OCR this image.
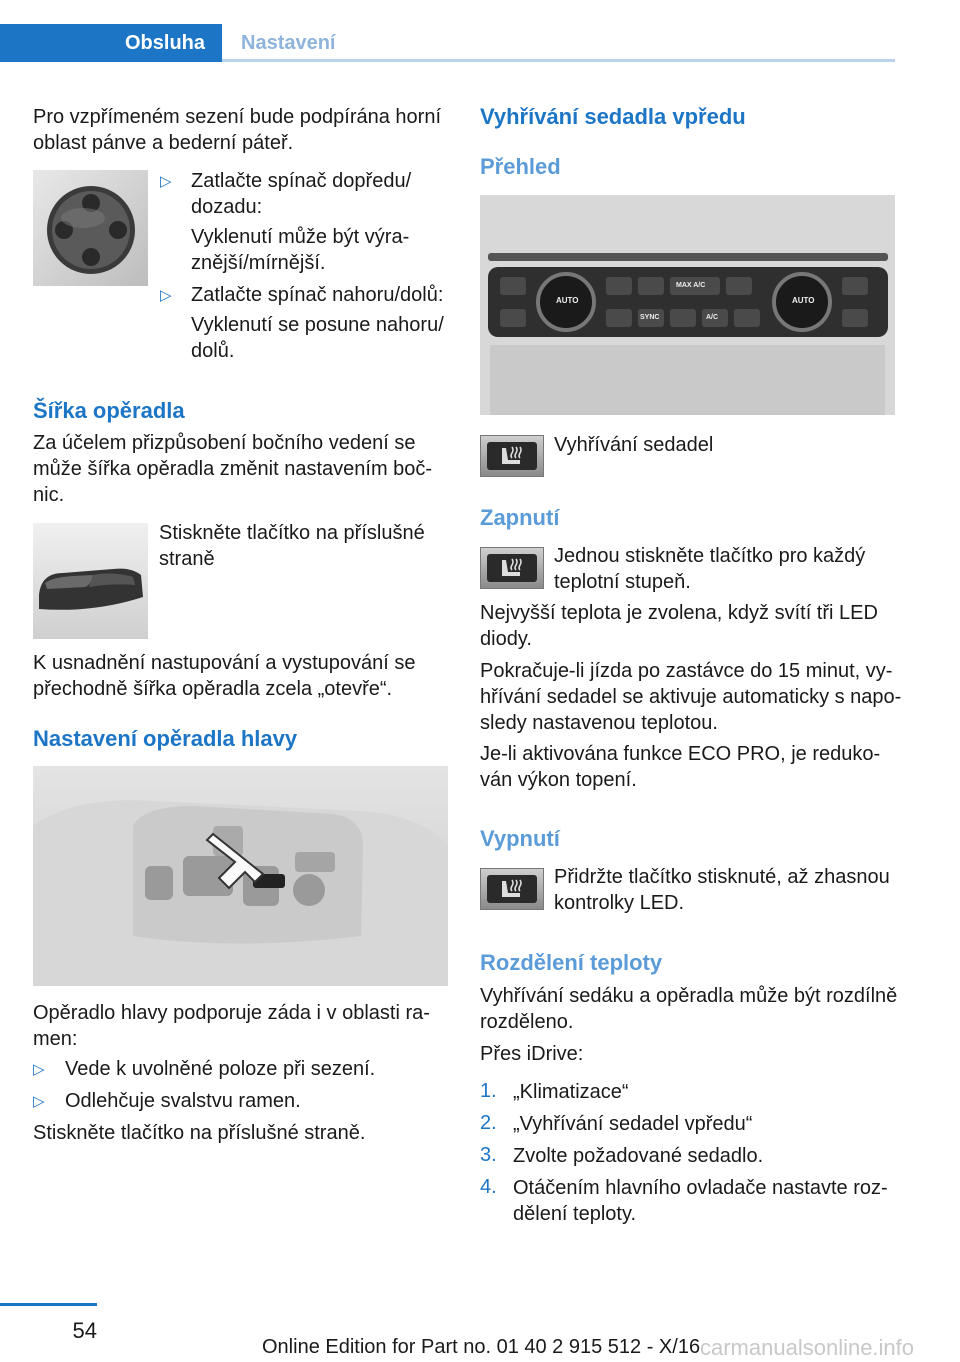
Obsluha	Nastavení

Pro vzpřímeném sezení bude podpírána horní

oblast pánve a bederní páteř.

▷ Zatlačte spínač dopředu/

dozadu:

Vyklenutí může být výra-

znější/mírnější.

▷ Zatlačte spínač nahoru/dolů:

Vyklenutí se posune nahoru/

dolů.

Šířka opěradla

Za účelem přizpůsobení bočního vedení se

může šířka opěradla změnit nastavením boč-

nic.

Stiskněte tlačítko na příslušné

straně

K usnadnění nastupování a vystupování se

přechodně šířka opěradla zcela „otevře“.

Nastavení opěradla hlavy

Opěradlo hlavy podporuje záda i v oblasti ra-

men:

▷ Vede k uvolněné poloze při sezení.

▷ Odlehčuje svalstvu ramen.

Stiskněte tlačítko na příslušné straně.

Vyhřívání sedadla vpředu
Přehled
AUTO	AUTO
MAX A/C
SYNC	A/C

Vyhřívání sedadel

Zapnutí

Jednou stiskněte tlačítko pro každý

teplotní stupeň.

Nejvyšší teplota je zvolena, když svítí tři LED

diody.

Pokračuje-li jízda po zastávce do 15 minut, vy-

hřívání sedadel se aktivuje automaticky s napo-

sledy nastavenou teplotou.

Je-li aktivována funkce ECO PRO, je reduko-

ván výkon topení.

Vypnutí

Přidržte tlačítko stisknuté, až zhasnou

kontrolky LED.

Rozdělení teploty

Vyhřívání sedáku a opěradla může být rozdílně

rozděleno.

Přes iDrive:

1. „Klimatizace“

2. „Vyhřívání sedadel vpředu“

3. Zvolte požadované sedadlo.

4. Otáčením hlavního ovladače nastavte roz-

dělení teploty.

54
Online Edition for Part no. 01 40 2 915 512 - X/16 carmanualsonline.info
